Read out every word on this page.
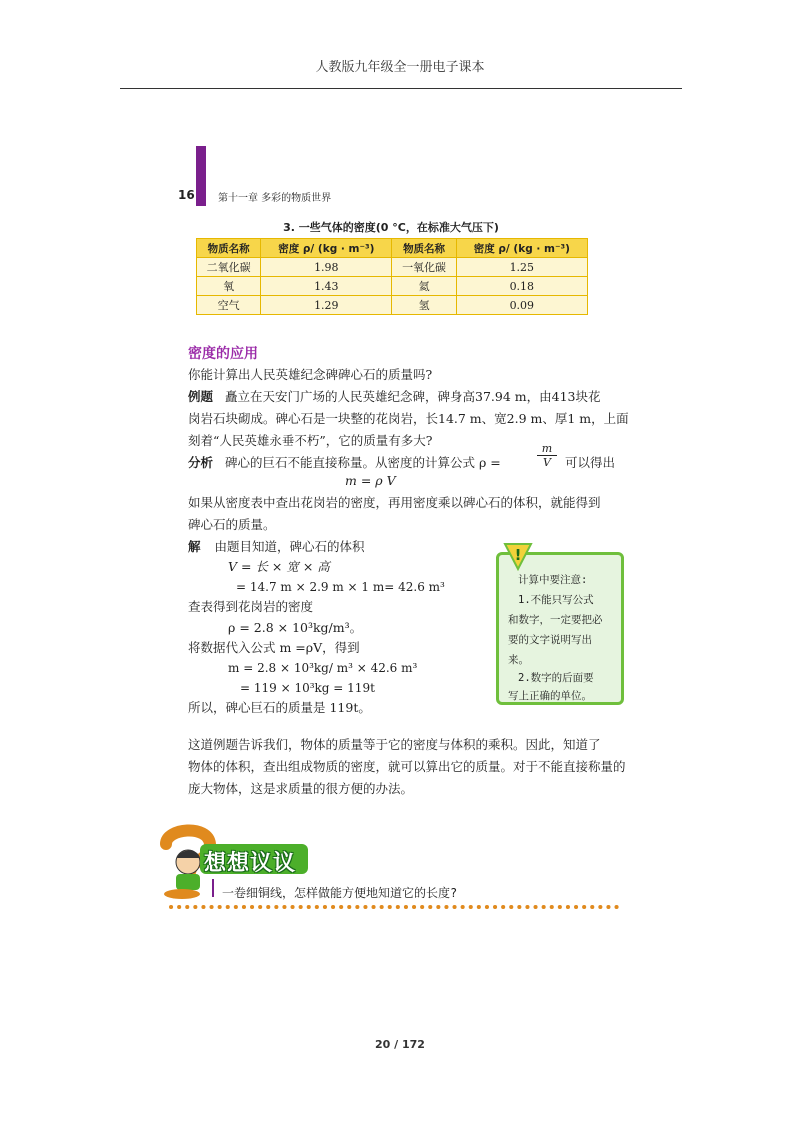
人教版九年级全一册电子课本
16 第十一章 多彩的物质世界
3. 一些气体的密度(0 °C，在标准大气压下)
物质名称	密度 ρ/ (kg · m⁻³)	物质名称	密度 ρ/ (kg · m⁻³)
二氧化碳	1.98	一氧化碳	1.25
氧	1.43	氦	0.18
空气	1.29	氢	0.09
密度的应用
你能计算出人民英雄纪念碑碑心石的质量吗?
例题 矗立在天安门广场的人民英雄纪念碑，碑身高37.94 m，由413块花
岗岩石块砌成。碑心石是一块整的花岗岩，长14.7 m、宽2.9 m、厚1 m，上面
刻着“人民英雄永垂不朽”，它的质量有多大?
分析 碑心的巨石不能直接称量。从密度的计算公式 ρ =	$\frac{m}{V}$ 可以得出
m = ρ V
如果从密度表中查出花岗岩的密度，再用密度乘以碑心石的体积，就能得到
碑心石的质量。
解 由题目知道，碑心石的体积
V = 长 × 宽 × 高
= 14.7 m × 2.9 m × 1 m= 42.6 m³
查表得到花岗岩的密度
ρ = 2.8 × 10³kg/m³。
将数据代入公式 m =ρV，得到
m = 2.8 × 10³kg/ m³ × 42.6 m³
= 119 × 10³kg = 119t
所以，碑心巨石的质量是 119t。
!
计算中要注意:
1.不能只写公式
和数字，一定要把必
要的文字说明写出
来。
2.数字的后面要
写上正确的单位。
这道例题告诉我们，物体的质量等于它的密度与体积的乘积。因此，知道了
物体的体积，查出组成物质的密度，就可以算出它的质量。对于不能直接称量的
庞大物体，这是求质量的很方便的办法。
想想议议
一卷细铜线，怎样做能方便地知道它的长度?
20 / 172
